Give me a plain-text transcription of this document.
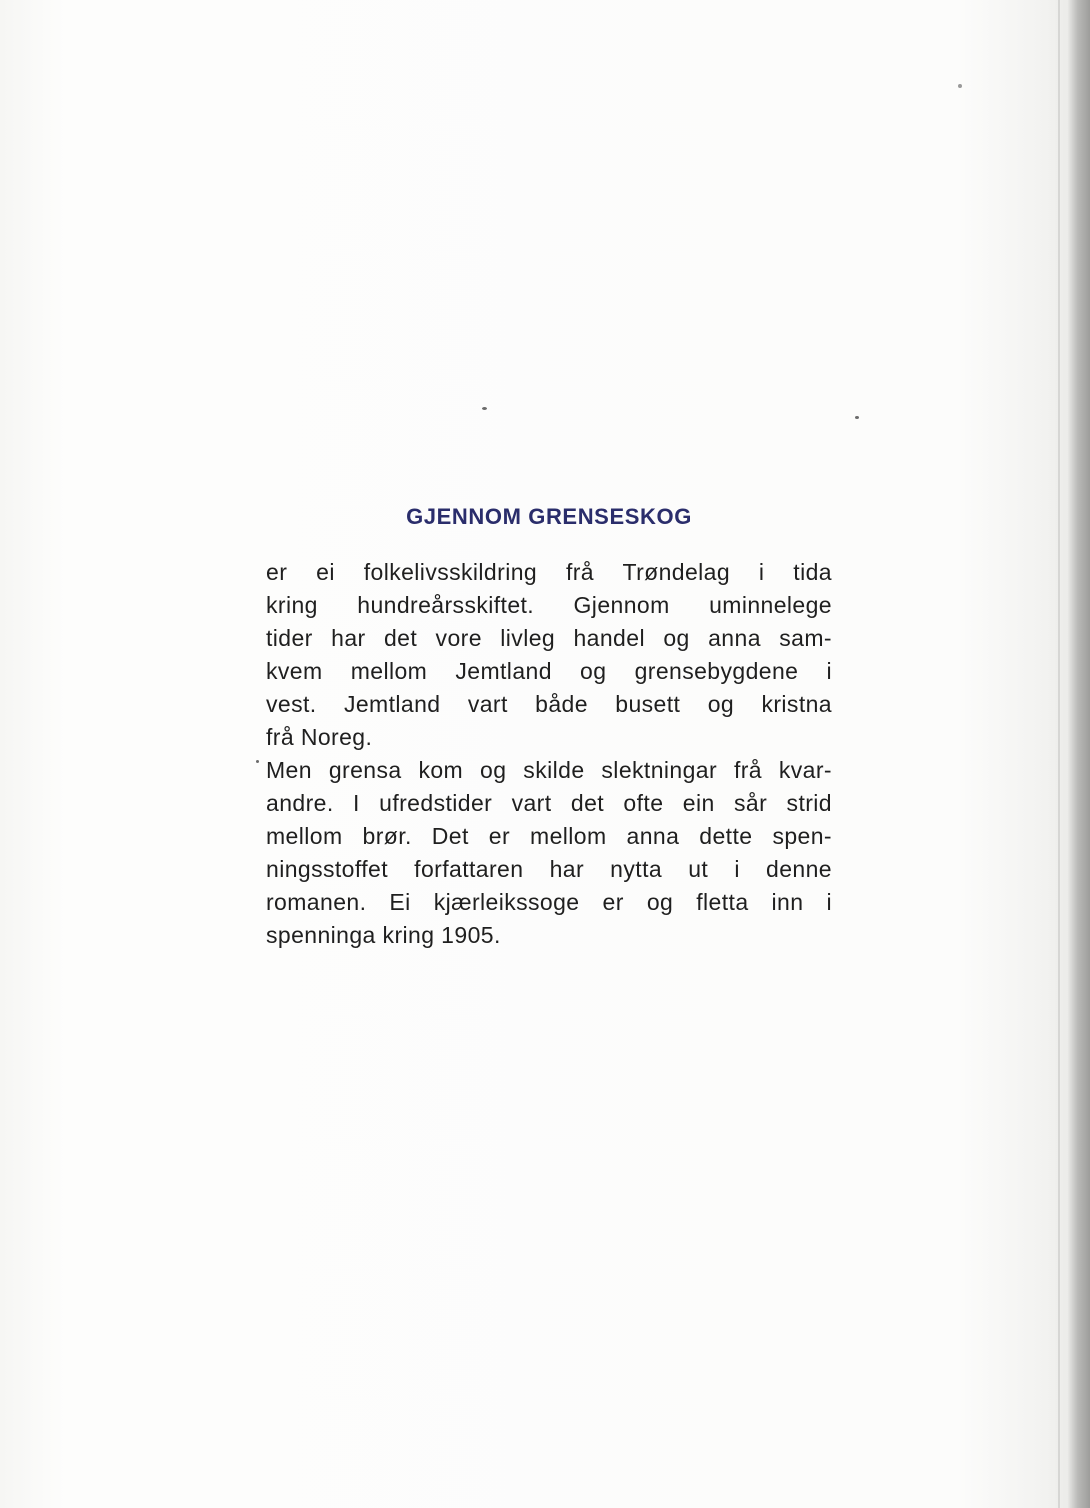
GJENNOM GRENSESKOG

er ei folkelivsskildring frå Trøndelag i tida
kring hundreårsskiftet. Gjennom uminnelege
tider har det vore livleg handel og anna sam-
kvem mellom Jemtland og grensebygdene i
vest. Jemtland vart både busett og kristna
frå Noreg.

Men grensa kom og skilde slektningar frå kvar-
andre. I ufredstider vart det ofte ein sår strid
mellom brør. Det er mellom anna dette spen-
ningsstoffet forfattaren har nytta ut i denne
romanen. Ei kjærleikssoge er og fletta inn i
spenninga kring 1905.
